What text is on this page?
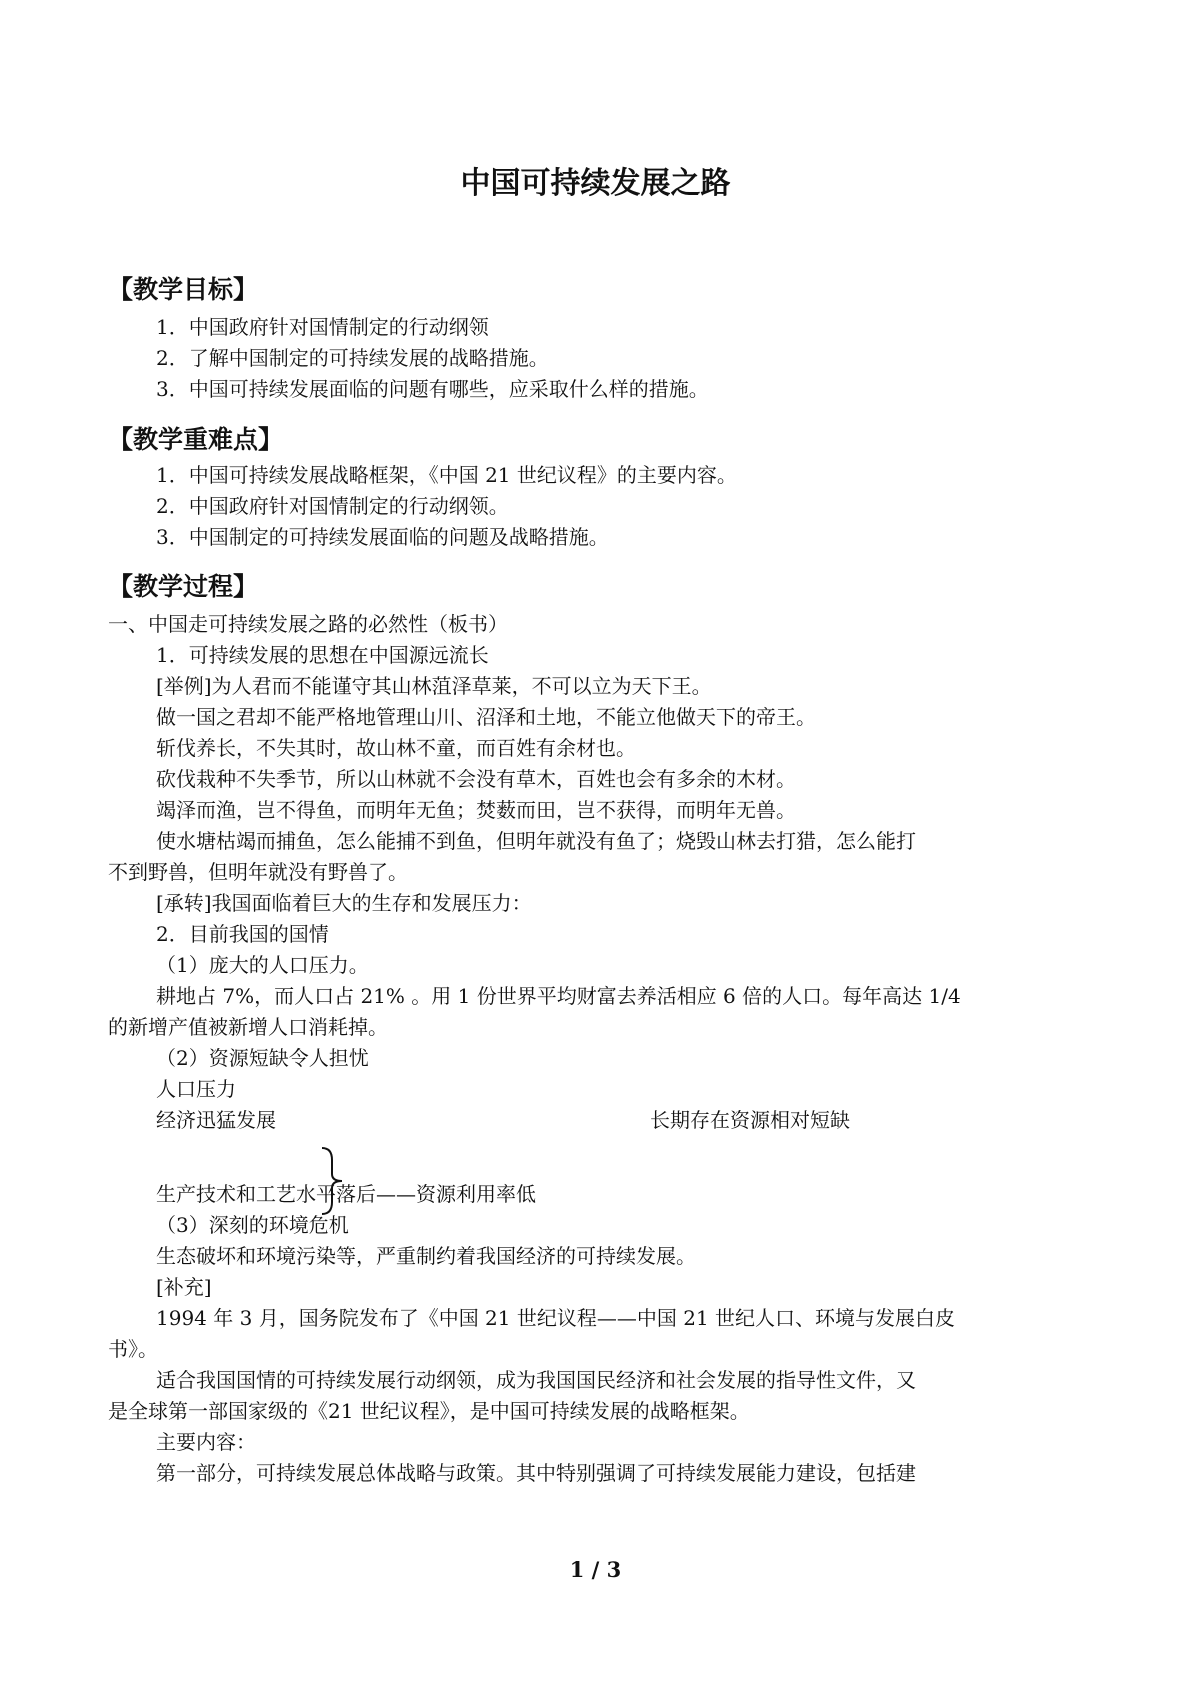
中国可持续发展之路
【教学目标】
1．中国政府针对国情制定的行动纲领
2．了解中国制定的可持续发展的战略措施。
3．中国可持续发展面临的问题有哪些，应采取什么样的措施。
【教学重难点】
1．中国可持续发展战略框架，《中国 21 世纪议程》的主要内容。
2．中国政府针对国情制定的行动纲领。
3．中国制定的可持续发展面临的问题及战略措施。
【教学过程】
一、中国走可持续发展之路的必然性（板书）
1．可持续发展的思想在中国源远流长
[举例]为人君而不能谨守其山林菹泽草莱，不可以立为天下王。
做一国之君却不能严格地管理山川、沼泽和土地，不能立他做天下的帝王。
斩伐养长，不失其时，故山林不童，而百姓有余材也。
砍伐栽种不失季节，所以山林就不会没有草木，百姓也会有多余的木材。
竭泽而渔，岂不得鱼，而明年无鱼；焚薮而田，岂不获得，而明年无兽。
使水塘枯竭而捕鱼，怎么能捕不到鱼，但明年就没有鱼了；烧毁山林去打猎，怎么能打
不到野兽，但明年就没有野兽了。
[承转]我国面临着巨大的生存和发展压力：
2．目前我国的国情
（1）庞大的人口压力。
耕地占 7%，而人口占 21% 。用 1 份世界平均财富去养活相应 6 倍的人口。每年高达 1/4
的新增产值被新增人口消耗掉。
（2）资源短缺令人担忧
人口压力
经济迅猛发展	长期存在资源相对短缺
生产技术和工艺水平落后——资源利用率低
（3）深刻的环境危机
生态破坏和环境污染等，严重制约着我国经济的可持续发展。
[补充]
1994 年 3 月，国务院发布了《中国 21 世纪议程——中国 21 世纪人口、环境与发展白皮
书》。
适合我国国情的可持续发展行动纲领，成为我国国民经济和社会发展的指导性文件，又
是全球第一部国家级的《21 世纪议程》，是中国可持续发展的战略框架。
主要内容：
第一部分，可持续发展总体战略与政策。其中特别强调了可持续发展能力建设，包括建
1 / 3
